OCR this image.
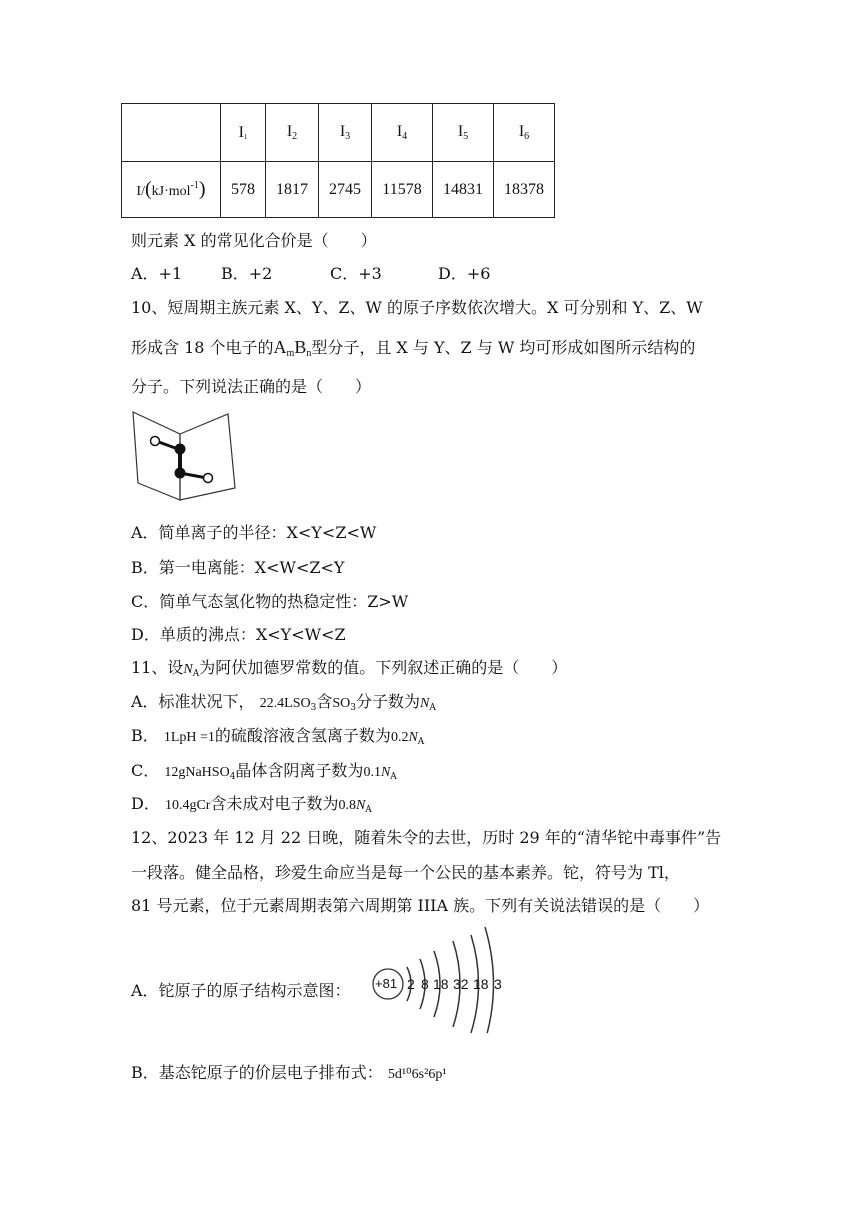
	I1	$I_2$	$I_3$	$I_4$	$I_5$	$I_6$
I/(kJ·mol$^{-1}$)	578	1817	2745	11578	14831	18378
则元素 X 的常见化合价是（　　）
A．+1 B．+2	C．+3	D．+6
10、短周期主族元素 X、Y、Z、W 的原子序数依次增大。X 可分别和 Y、Z、W
形成含 18 个电子的$A_mB_n$型分子，且 X 与 Y、Z 与 W 均可形成如图所示结构的
分子。下列说法正确的是（　　）
A．简单离子的半径：X<Y<Z<W
B．第一电离能：X<W<Z<Y
C．简单气态氢化物的热稳定性：Z>W
D．单质的沸点：X<Y<W<Z
11、设$N_A$为阿伏加德罗常数的值。下列叙述正确的是（　　）
A．标准状况下， $22.4LSO_3$含$SO_3$分子数为$N_A$
B． 1LpH =1的硫酸溶液含氢离子数为$0.2N_A$
C． 12gNaHSO$_4$晶体含阴离子数为$0.1N_A$
D． 10.4gCr含未成对电子数为$0.8N_A$
12、2023 年 12 月 22 日晚，随着朱令的去世，历时 29 年的“清华铊中毒事件”告
一段落。健全品格，珍爱生命应当是每一个公民的基本素养。铊，符号为 Tl，
81 号元素，位于元素周期表第六周期第 IIIA 族。下列有关说法错误的是（　　）
A．铊原子的原子结构示意图： +81 2 8 18 32 18 3
B．基态铊原子的价层电子排布式： 5d¹⁰6s²6p¹
